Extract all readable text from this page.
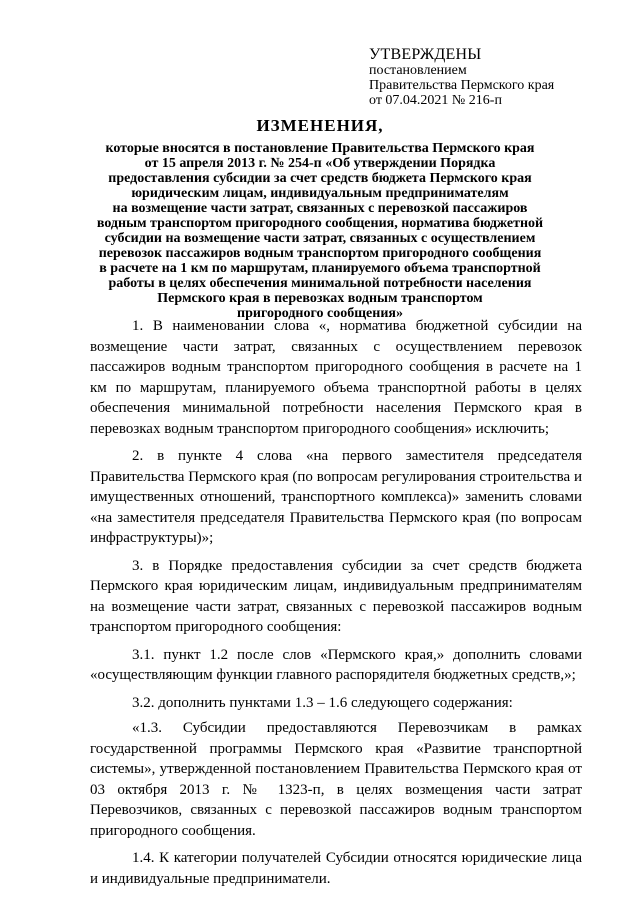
УТВЕРЖДЕНЫ
постановлением
Правительства Пермского края
от 07.04.2021 № 216-п
ИЗМЕНЕНИЯ,
которые вносятся в постановление Правительства Пермского края
от 15 апреля 2013 г. № 254-п «Об утверждении Порядка
предоставления субсидии за счет средств бюджета Пермского края
юридическим лицам, индивидуальным предпринимателям
на возмещение части затрат, связанных с перевозкой пассажиров
водным транспортом пригородного сообщения, норматива бюджетной
субсидии на возмещение части затрат, связанных с осуществлением
перевозок пассажиров водным транспортом пригородного сообщения
в расчете на 1 км по маршрутам, планируемого объема транспортной
работы в целях обеспечения минимальной потребности населения
Пермского края в перевозках водным транспортом
пригородного сообщения»

1. В наименовании слова «, норматива бюджетной субсидии на возмещение части затрат, связанных с осуществлением перевозок пассажиров водным транспортом пригородного сообщения в расчете на 1 км по маршрутам, планируемого объема транспортной работы в целях обеспечения минимальной потребности населения Пермского края в перевозках водным транспортом пригородного сообщения» исключить;

2. в пункте 4 слова «на первого заместителя председателя Правительства Пермского края (по вопросам регулирования строительства и имущественных отношений, транспортного комплекса)» заменить словами «на заместителя председателя Правительства Пермского края (по вопросам инфраструктуры)»;

3. в Порядке предоставления субсидии за счет средств бюджета Пермского края юридическим лицам, индивидуальным предпринимателям на возмещение части затрат, связанных с перевозкой пассажиров водным транспортом пригородного сообщения:

3.1. пункт 1.2 после слов «Пермского края,» дополнить словами «осуществляющим функции главного распорядителя бюджетных средств,»;

3.2. дополнить пунктами 1.3 – 1.6 следующего содержания:

«1.3. Субсидии предоставляются Перевозчикам в рамках государственной программы Пермского края «Развитие транспортной системы», утвержденной постановлением Правительства Пермского края от 03 октября 2013 г. № 1323-п, в целях возмещения части затрат Перевозчиков, связанных с перевозкой пассажиров водным транспортом пригородного сообщения.

1.4. К категории получателей Субсидии относятся юридические лица и индивидуальные предприниматели.
